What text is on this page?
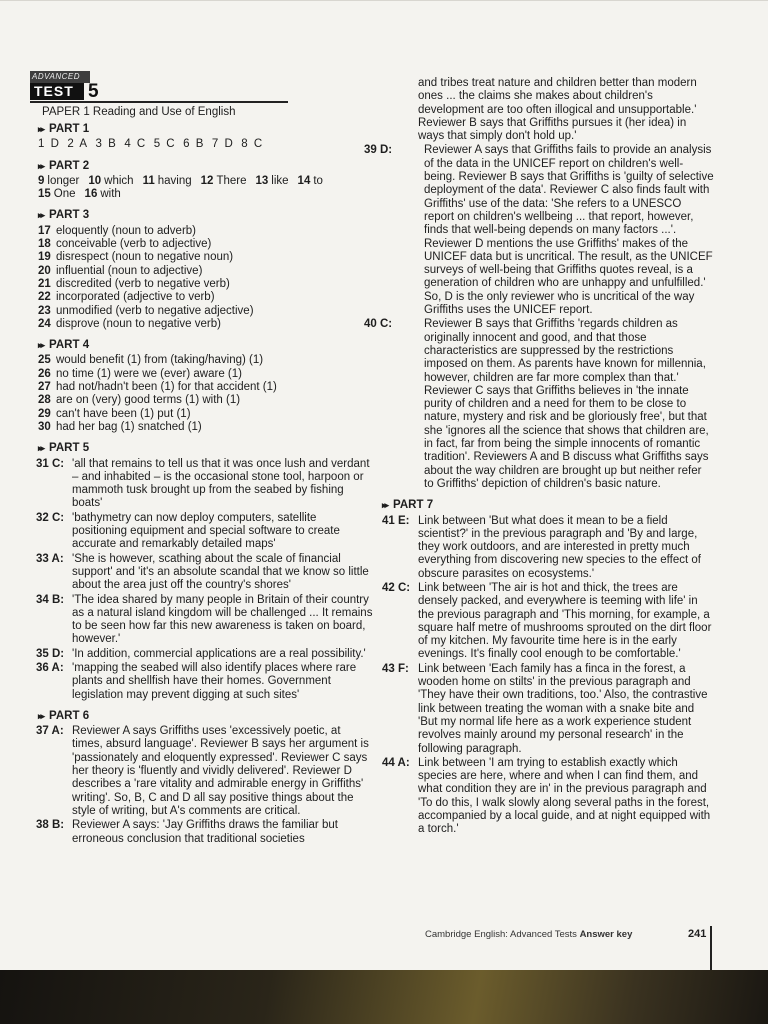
ADVANCED
TEST 5
PAPER 1 Reading and Use of English
▸▸ PART 1
1 D 2 A 3 B 4 C 5 C 6 B 7 D 8 C
▸▸ PART 2
9 longer 10 which 11 having 12 There 13 like 14 to
15 One 16 with
▸▸ PART 3
17 eloquently (noun to adverb)
18 conceivable (verb to adjective)
19 disrespect (noun to negative noun)
20 influential (noun to adjective)
21 discredited (verb to negative verb)
22 incorporated (adjective to verb)
23 unmodified (verb to negative adjective)
24 disprove (noun to negative verb)
▸▸ PART 4
25 would benefit (1) from (taking/having) (1)
26 no time (1) were we (ever) aware (1)
27 had not/hadn't been (1) for that accident (1)
28 are on (very) good terms (1) with (1)
29 can't have been (1) put (1)
30 had her bag (1) snatched (1)
▸▸ PART 5
31 C: 'all that remains to tell us that it was once lush and verdant – and inhabited – is the occasional stone tool, harpoon or mammoth tusk brought up from the seabed by fishing boats'
32 C: 'bathymetry can now deploy computers, satellite positioning equipment and special software to create accurate and remarkably detailed maps'
33 A: 'She is however, scathing about the scale of financial support' and 'it's an absolute scandal that we know so little about the area just off the country's shores'
34 B: 'The idea shared by many people in Britain of their country as a natural island kingdom will be challenged ... It remains to be seen how far this new awareness is taken on board, however.'
35 D: 'In addition, commercial applications are a real possibility.'
36 A: 'mapping the seabed will also identify places where rare plants and shellfish have their homes. Government legislation may prevent digging at such sites'
▸▸ PART 6
37 A: Reviewer A says Griffiths uses 'excessively poetic, at times, absurd language'. Reviewer B says her argument is 'passionately and eloquently expressed'. Reviewer C says her theory is 'fluently and vividly delivered'. Reviewer D describes a 'rare vitality and admirable energy in Griffiths' writing'. So, B, C and D all say positive things about the style of writing, but A's comments are critical.
38 B: Reviewer A says: 'Jay Griffiths draws the familiar but erroneous conclusion that traditional societies
and tribes treat nature and children better than modern ones ... the claims she makes about children's development are too often illogical and unsupportable.' Reviewer B says that Griffiths pursues it (her idea) in ways that simply don't hold up.'
39 D:	Reviewer A says that Griffiths fails to provide an analysis of the data in the UNICEF report on children's well-being. Reviewer B says that Griffiths is 'guilty of selective deployment of the data'. Reviewer C also finds fault with Griffiths' use of the data: 'She refers to a UNESCO report on children's wellbeing ... that report, however, finds that well-being depends on many factors ...'. Reviewer D mentions the use Griffiths' makes of the UNICEF data but is uncritical. The result, as the UNICEF surveys of well-being that Griffiths quotes reveal, is a generation of children who are unhappy and unfulfilled.' So, D is the only reviewer who is uncritical of the way Griffiths uses the UNICEF report.
40 C:	Reviewer B says that Griffiths 'regards children as originally innocent and good, and that those characteristics are suppressed by the restrictions imposed on them. As parents have known for millennia, however, children are far more complex than that.' Reviewer C says that Griffiths believes in 'the innate purity of children and a need for them to be close to nature, mystery and risk and be gloriously free', but that she 'ignores all the science that shows that children are, in fact, far from being the simple innocents of romantic tradition'. Reviewers A and B discuss what Griffiths says about the way children are brought up but neither refer to Griffiths' depiction of children's basic nature.
▸▸ PART 7
41 E: Link between 'But what does it mean to be a field scientist?' in the previous paragraph and 'By and large, they work outdoors, and are interested in pretty much everything from discovering new species to the effect of obscure parasites on ecosystems.'
42 C: Link between 'The air is hot and thick, the trees are densely packed, and everywhere is teeming with life' in the previous paragraph and 'This morning, for example, a square half metre of mushrooms sprouted on the dirt floor of my kitchen. My favourite time here is in the early evenings. It's finally cool enough to be comfortable.'
43 F: Link between 'Each family has a finca in the forest, a wooden home on stilts' in the previous paragraph and 'They have their own traditions, too.' Also, the contrastive link between treating the woman with a snake bite and 'But my normal life here as a work experience student revolves mainly around my personal research' in the following paragraph.
44 A: Link between 'I am trying to establish exactly which species are here, where and when I can find them, and what condition they are in' in the previous paragraph and 'To do this, I walk slowly along several paths in the forest, accompanied by a local guide, and at night equipped with a torch.'
Cambridge English: Advanced Tests Answer key	241
